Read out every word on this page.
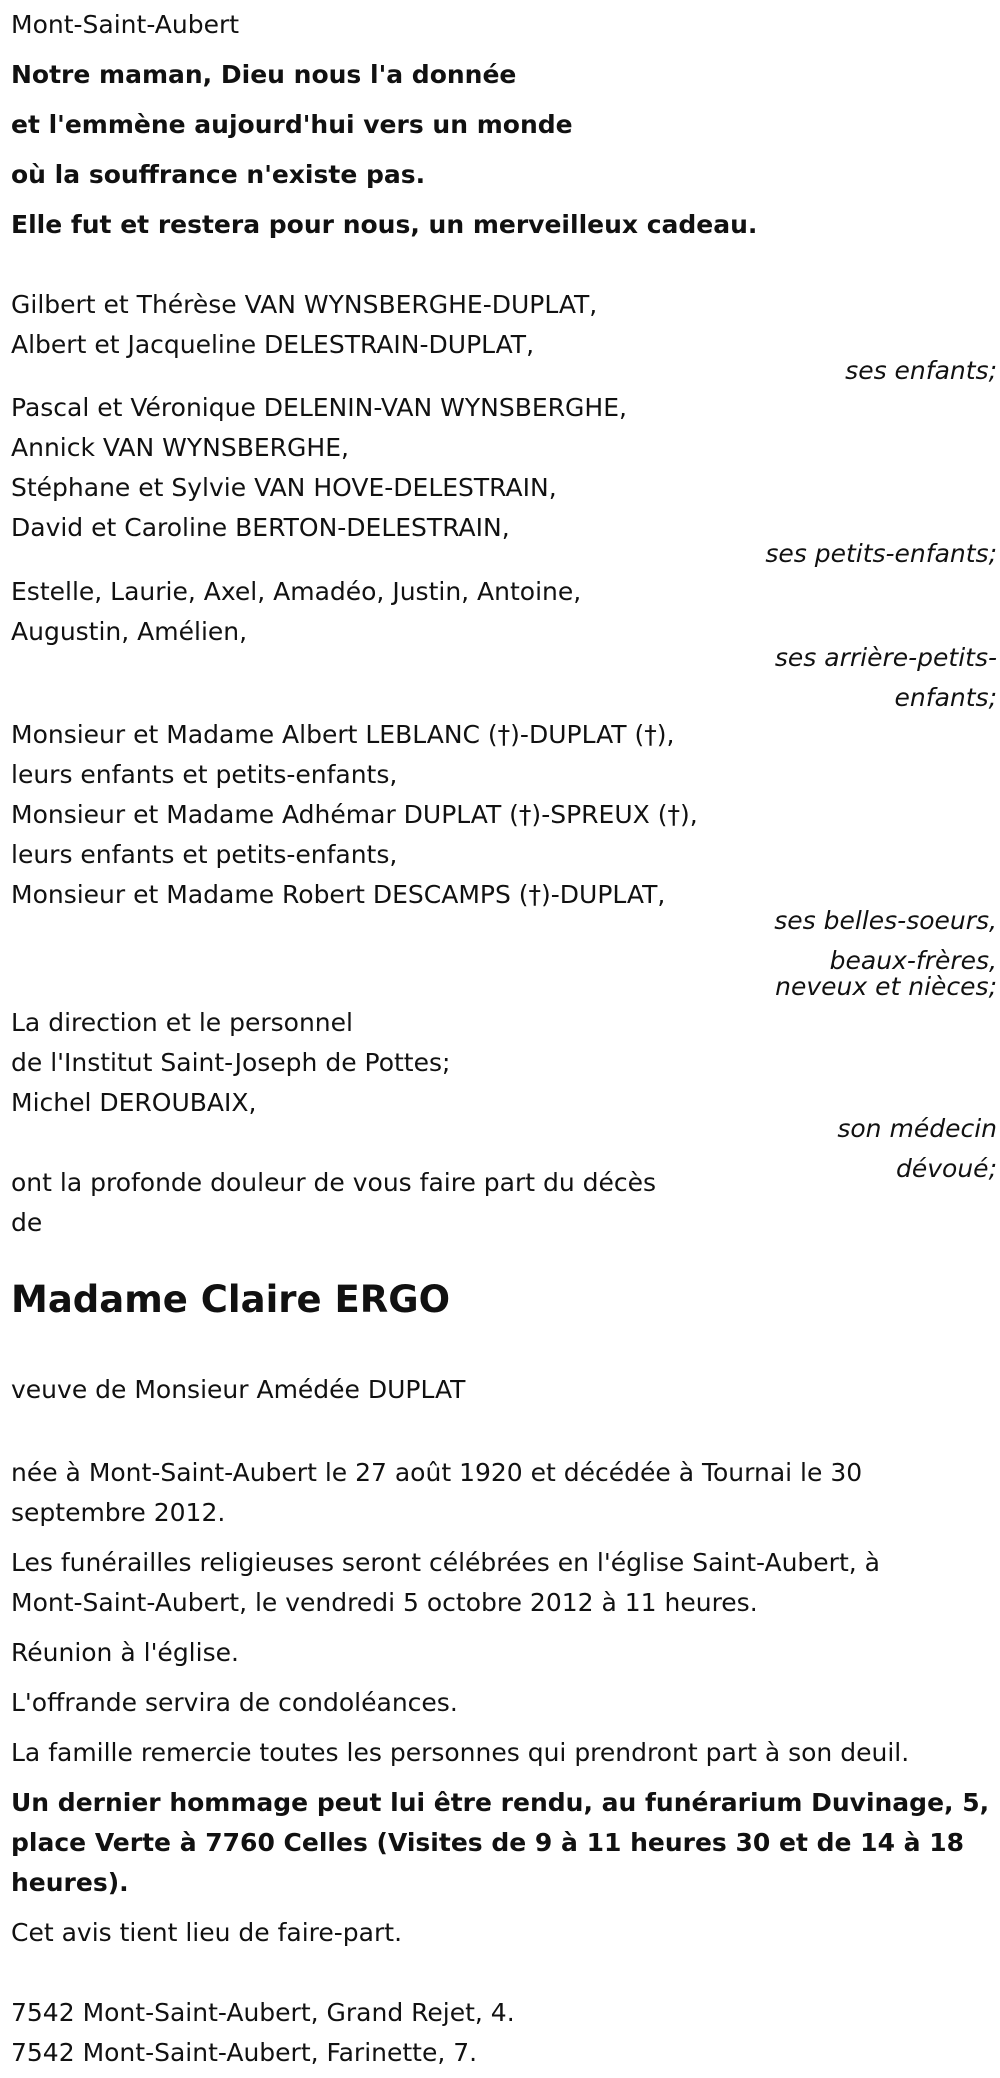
Mont-Saint-Aubert
Notre maman, Dieu nous l'a donnée
et l'emmène aujourd'hui vers un monde
où la souffrance n'existe pas.
Elle fut et restera pour nous, un merveilleux cadeau.
Gilbert et Thérèse VAN WYNSBERGHE-DUPLAT,
Albert et Jacqueline DELESTRAIN-DUPLAT,
ses enfants;
Pascal et Véronique DELENIN-VAN WYNSBERGHE,
Annick VAN WYNSBERGHE,
Stéphane et Sylvie VAN HOVE-DELESTRAIN,
David et Caroline BERTON-DELESTRAIN,
ses petits-enfants;
Estelle, Laurie, Axel, Amadéo, Justin, Antoine,
Augustin, Amélien,
ses arrière-petits-
enfants;
Monsieur et Madame Albert LEBLANC (†)-DUPLAT (†),
leurs enfants et petits-enfants,
Monsieur et Madame Adhémar DUPLAT (†)-SPREUX (†),
leurs enfants et petits-enfants,
Monsieur et Madame Robert DESCAMPS (†)-DUPLAT,
ses belles-soeurs,
beaux-frères,
neveux et nièces;
La direction et le personnel
de l'Institut Saint-Joseph de Pottes;
Michel DEROUBAIX,
son médecin
dévoué;
ont la profonde douleur de vous faire part du décès
de
Madame Claire ERGO
veuve de Monsieur Amédée DUPLAT
née à Mont-Saint-Aubert le 27 août 1920 et décédée à Tournai le 30
septembre 2012.
Les funérailles religieuses seront célébrées en l'église Saint-Aubert, à
Mont-Saint-Aubert, le vendredi 5 octobre 2012 à 11 heures.
Réunion à l'église.
L'offrande servira de condoléances.
La famille remercie toutes les personnes qui prendront part à son deuil.
Un dernier hommage peut lui être rendu, au funérarium Duvinage, 5,
place Verte à 7760 Celles (Visites de 9 à 11 heures 30 et de 14 à 18
heures).
Cet avis tient lieu de faire-part.
7542 Mont-Saint-Aubert, Grand Rejet, 4.
7542 Mont-Saint-Aubert, Farinette, 7.
